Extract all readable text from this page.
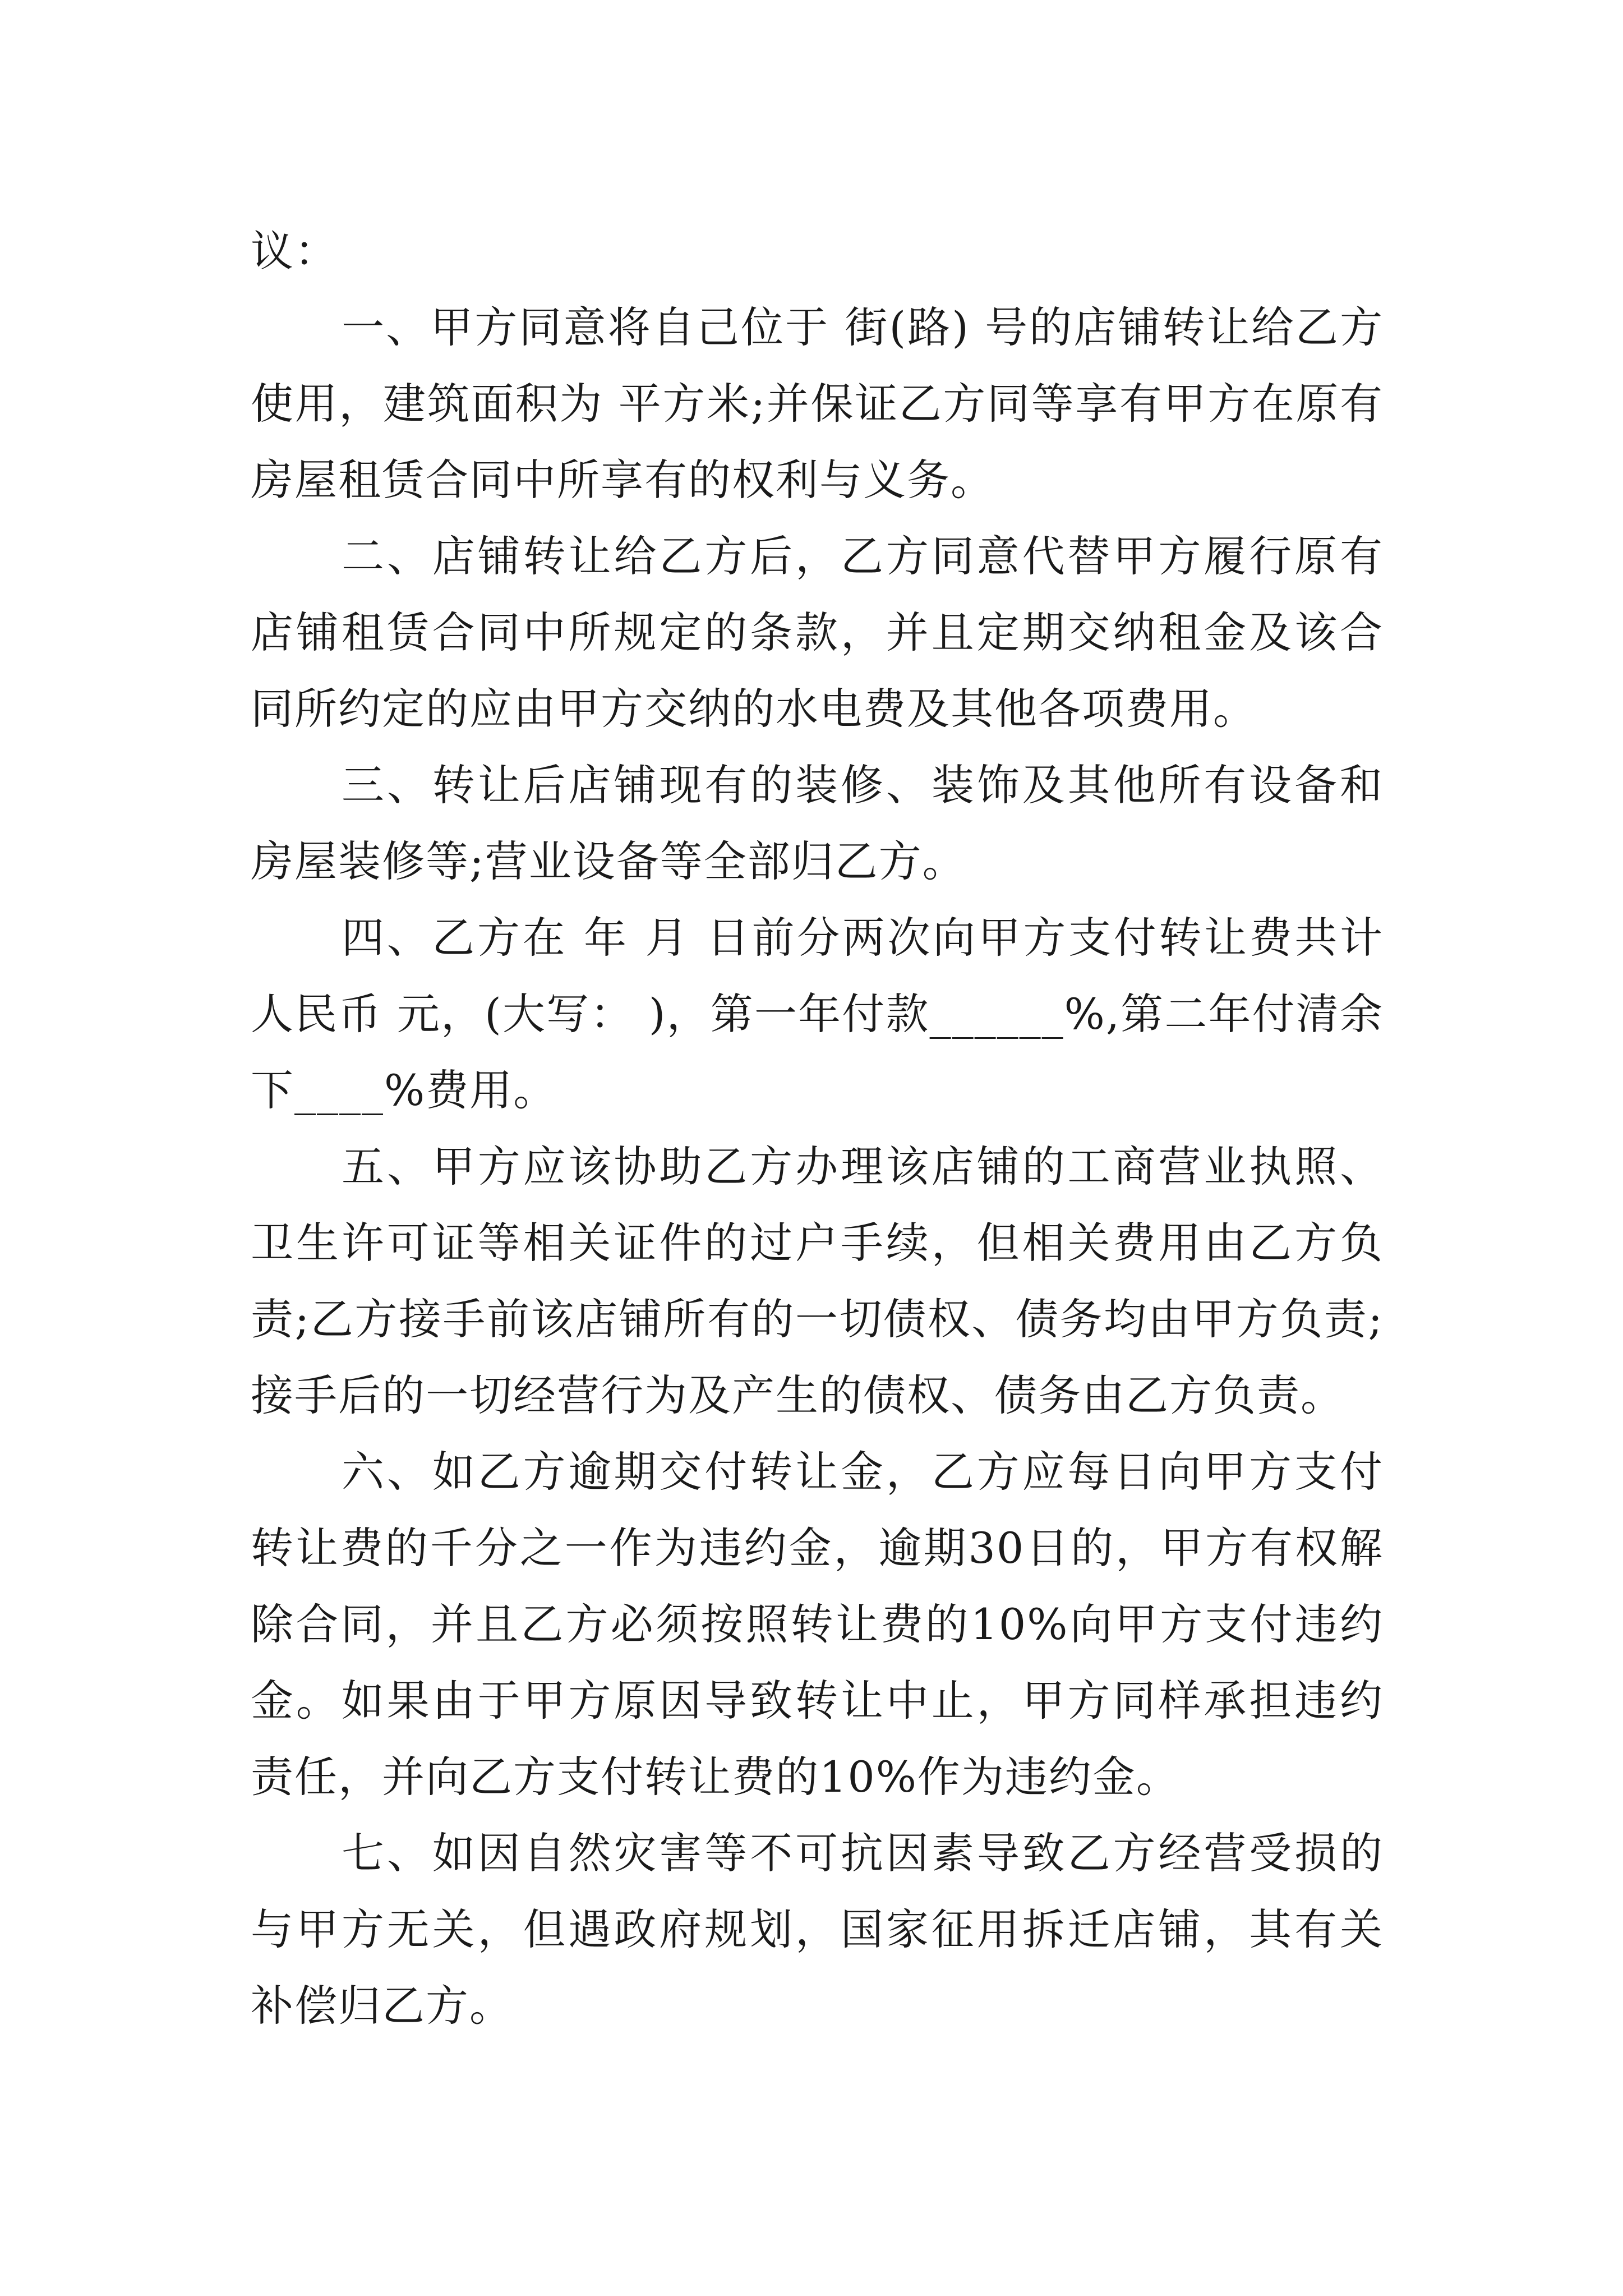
议：

一、甲方同意将自己位于 街(路) 号的店铺转让给乙方使用，建筑面积为 平方米;并保证乙方同等享有甲方在原有房屋租赁合同中所享有的权利与义务。

二、店铺转让给乙方后，乙方同意代替甲方履行原有店铺租赁合同中所规定的条款，并且定期交纳租金及该合同所约定的应由甲方交纳的水电费及其他各项费用。

三、转让后店铺现有的装修、装饰及其他所有设备和房屋装修等;营业设备等全部归乙方。

四、乙方在 年 月 日前分两次向甲方支付转让费共计人民币 元，(大写： )，第一年付款______%,第二年付清余下____%费用。

五、甲方应该协助乙方办理该店铺的工商营业执照、卫生许可证等相关证件的过户手续，但相关费用由乙方负责;乙方接手前该店铺所有的一切债权、债务均由甲方负责;接手后的一切经营行为及产生的债权、债务由乙方负责。

六、如乙方逾期交付转让金，乙方应每日向甲方支付转让费的千分之一作为违约金，逾期30日的，甲方有权解除合同，并且乙方必须按照转让费的10%向甲方支付违约金。如果由于甲方原因导致转让中止，甲方同样承担违约责任，并向乙方支付转让费的10%作为违约金。

七、如因自然灾害等不可抗因素导致乙方经营受损的与甲方无关，但遇政府规划，国家征用拆迁店铺，其有关补偿归乙方。
